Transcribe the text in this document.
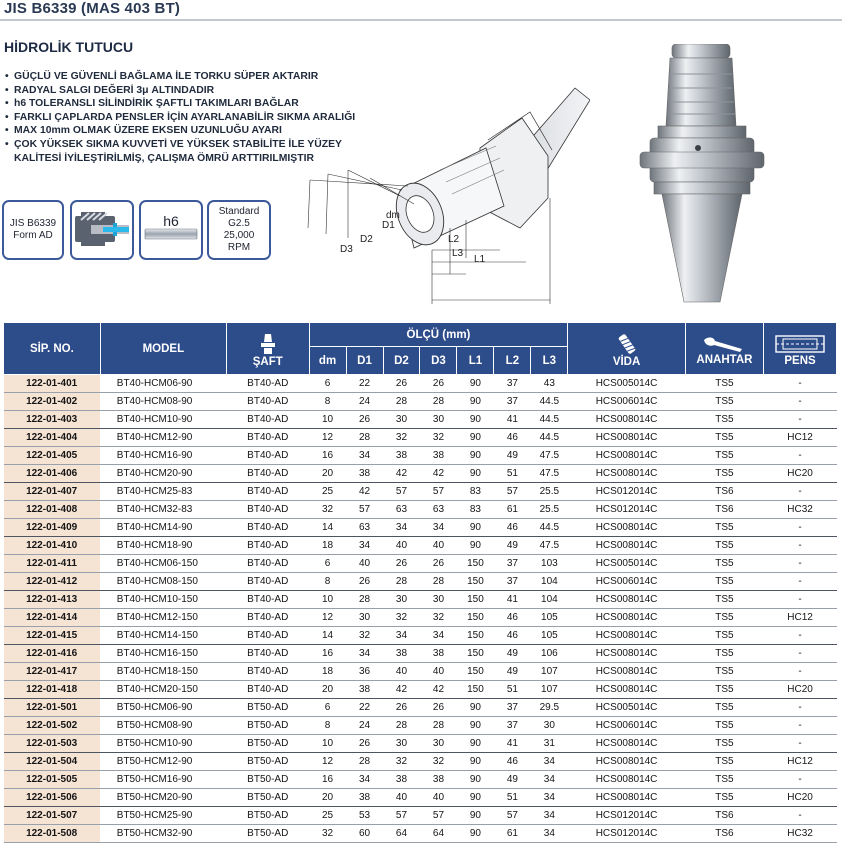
JIS B6339 (MAS 403 BT)
HİDROLİK TUTUCU
• GÜÇLÜ VE GÜVENLİ BAĞLAMA İLE TORKU SÜPER AKTARIR
• RADYAL SALGI DEĞERİ 3μ ALTINDADIR
• h6 TOLERANSLI SİLİNDİRİK ŞAFTLI TAKIMLARI BAĞLAR
• FARKLI ÇAPLARDA PENSLER İÇİN AYARLANABİLİR SIKMA ARALIĞI
• MAX 10mm OLMAK ÜZERE EKSEN UZUNLUĞU AYARI
• ÇOK YÜKSEK SIKMA KUVVETİ VE YÜKSEK STABİLİTE İLE YÜZEY KALİTESİ İYİLEŞTİRİLMİŞ, ÇALIŞMA ÖMRÜ ARTTIRILMIŞTIR
JIS B6339
Form AD
h6
Standard
G2.5
25,000
RPM
dm
D1
D2
D3
L2
L3
L1
SİP. NO.	MODEL	ŞAFT	ÖLÇÜ (mm)							VİDA	ANAHTAR	PENS
			dm	D1	D2	D3	L1	L2	L3			
122-01-401	BT40-HCM06-90	BT40-AD	6	22	26	26	90	37	43	HCS005014C	TS5	-
122-01-402	BT40-HCM08-90	BT40-AD	8	24	28	28	90	37	44.5	HCS006014C	TS5	-
122-01-403	BT40-HCM10-90	BT40-AD	10	26	30	30	90	41	44.5	HCS008014C	TS5	-
122-01-404	BT40-HCM12-90	BT40-AD	12	28	32	32	90	46	44.5	HCS008014C	TS5	HC12
122-01-405	BT40-HCM16-90	BT40-AD	16	34	38	38	90	49	47.5	HCS008014C	TS5	-
122-01-406	BT40-HCM20-90	BT40-AD	20	38	42	42	90	51	47.5	HCS008014C	TS5	HC20
122-01-407	BT40-HCM25-83	BT40-AD	25	42	57	57	83	57	25.5	HCS012014C	TS6	-
122-01-408	BT40-HCM32-83	BT40-AD	32	57	63	63	83	61	25.5	HCS012014C	TS6	HC32
122-01-409	BT40-HCM14-90	BT40-AD	14	63	34	34	90	46	44.5	HCS008014C	TS5	-
122-01-410	BT40-HCM18-90	BT40-AD	18	34	40	40	90	49	47.5	HCS008014C	TS5	-
122-01-411	BT40-HCM06-150	BT40-AD	6	40	26	26	150	37	103	HCS005014C	TS5	-
122-01-412	BT40-HCM08-150	BT40-AD	8	26	28	28	150	37	104	HCS006014C	TS5	-
122-01-413	BT40-HCM10-150	BT40-AD	10	28	30	30	150	41	104	HCS008014C	TS5	-
122-01-414	BT40-HCM12-150	BT40-AD	12	30	32	32	150	46	105	HCS008014C	TS5	HC12
122-01-415	BT40-HCM14-150	BT40-AD	14	32	34	34	150	46	105	HCS008014C	TS5	-
122-01-416	BT40-HCM16-150	BT40-AD	16	34	38	38	150	49	106	HCS008014C	TS5	-
122-01-417	BT40-HCM18-150	BT40-AD	18	36	40	40	150	49	107	HCS008014C	TS5	-
122-01-418	BT40-HCM20-150	BT40-AD	20	38	42	42	150	51	107	HCS008014C	TS5	HC20
122-01-501	BT50-HCM06-90	BT50-AD	6	22	26	26	90	37	29.5	HCS005014C	TS5	-
122-01-502	BT50-HCM08-90	BT50-AD	8	24	28	28	90	37	30	HCS006014C	TS5	-
122-01-503	BT50-HCM10-90	BT50-AD	10	26	30	30	90	41	31	HCS008014C	TS5	-
122-01-504	BT50-HCM12-90	BT50-AD	12	28	32	32	90	46	34	HCS008014C	TS5	HC12
122-01-505	BT50-HCM16-90	BT50-AD	16	34	38	38	90	49	34	HCS008014C	TS5	-
122-01-506	BT50-HCM20-90	BT50-AD	20	38	40	40	90	51	34	HCS008014C	TS5	HC20
122-01-507	BT50-HCM25-90	BT50-AD	25	53	57	57	90	57	34	HCS012014C	TS6	-
122-01-508	BT50-HCM32-90	BT50-AD	32	60	64	64	90	61	34	HCS012014C	TS6	HC32
